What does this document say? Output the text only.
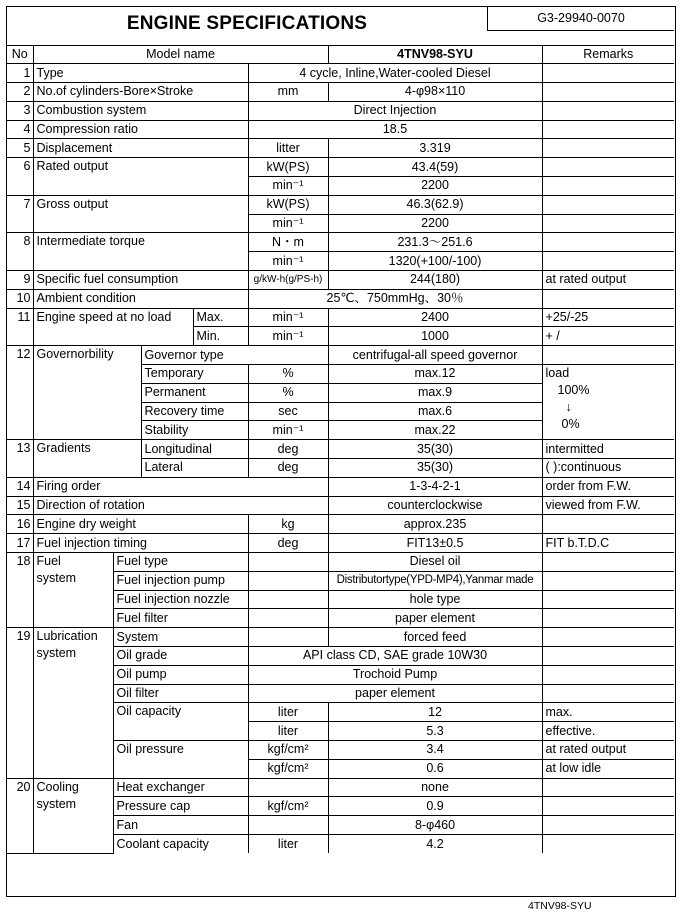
ENGINE SPECIFICATIONS	G3-29940-0070
No	Model name					4TNV98-SYU	Remarks
1	Type				4 cycle, Inline,Water-cooled Diesel		
2	No.of cylinders-Bore×Stroke				mm	4-φ98×110	
3	Combustion system				Direct Injection		
4	Compression ratio				18.5		
5	Displacement				litter	3.319	
6	Rated output				kW(PS)	43.4(59)	
					min⁻¹	2200	
7	Gross output				kW(PS)	46.3(62.9)	
					min⁻¹	2200	
8	Intermediate torque				N・m	231.3～251.6	
					min⁻¹	1320(+100/-100)	
9	Specific fuel consumption				g/kW-h(g/PS-h)	244(180)	at rated output
10	Ambient condition				25℃、750mmHg、30％		
11	Engine speed at no load			Max.	min⁻¹	2400	+25/-25
				Min.	min⁻¹	1000	+ /
12	Governorbility		Governor type			centrifugal-all speed governor	
			Temporary		%	max.12	load
100%
↓
0%

			Permanent		%	max.9	
			Recovery time		sec	max.6	
			Stability		min⁻¹	max.22	
13	Gradients		Longitudinal		deg	35(30)	intermitted
			Lateral		deg	35(30)	( ):continuous
14	Firing order					1-3-4-2-1	order from F.W.
15	Direction of rotation					counterclockwise	viewed from F.W.
16	Engine dry weight				kg	approx.235	
17	Fuel injection timing				deg	FIT13±0.5	FIT b.T.D.C
18	Fuel
system	Fuel type				Diesel oil	
		Fuel injection pump				Distributortype(YPD-MP4),Yanmar made	
		Fuel injection nozzle				hole type	
		Fuel filter				paper element	
19	Lubrication
system	System				forced feed	
		Oil grade			API class CD, SAE grade 10W30		
		Oil pump			Trochoid Pump		
		Oil filter			paper element		
		Oil capacity			liter	12	max.
					liter	5.3	effective.
		Oil pressure			kgf/cm²	3.4	at rated output
					kgf/cm²	0.6	at low idle
20	Cooling
system	Heat exchanger				none	
		Pressure cap			kgf/cm²	0.9	
		Fan				8-φ460	
		Coolant capacity			liter	4.2	
4TNV98-SYU
